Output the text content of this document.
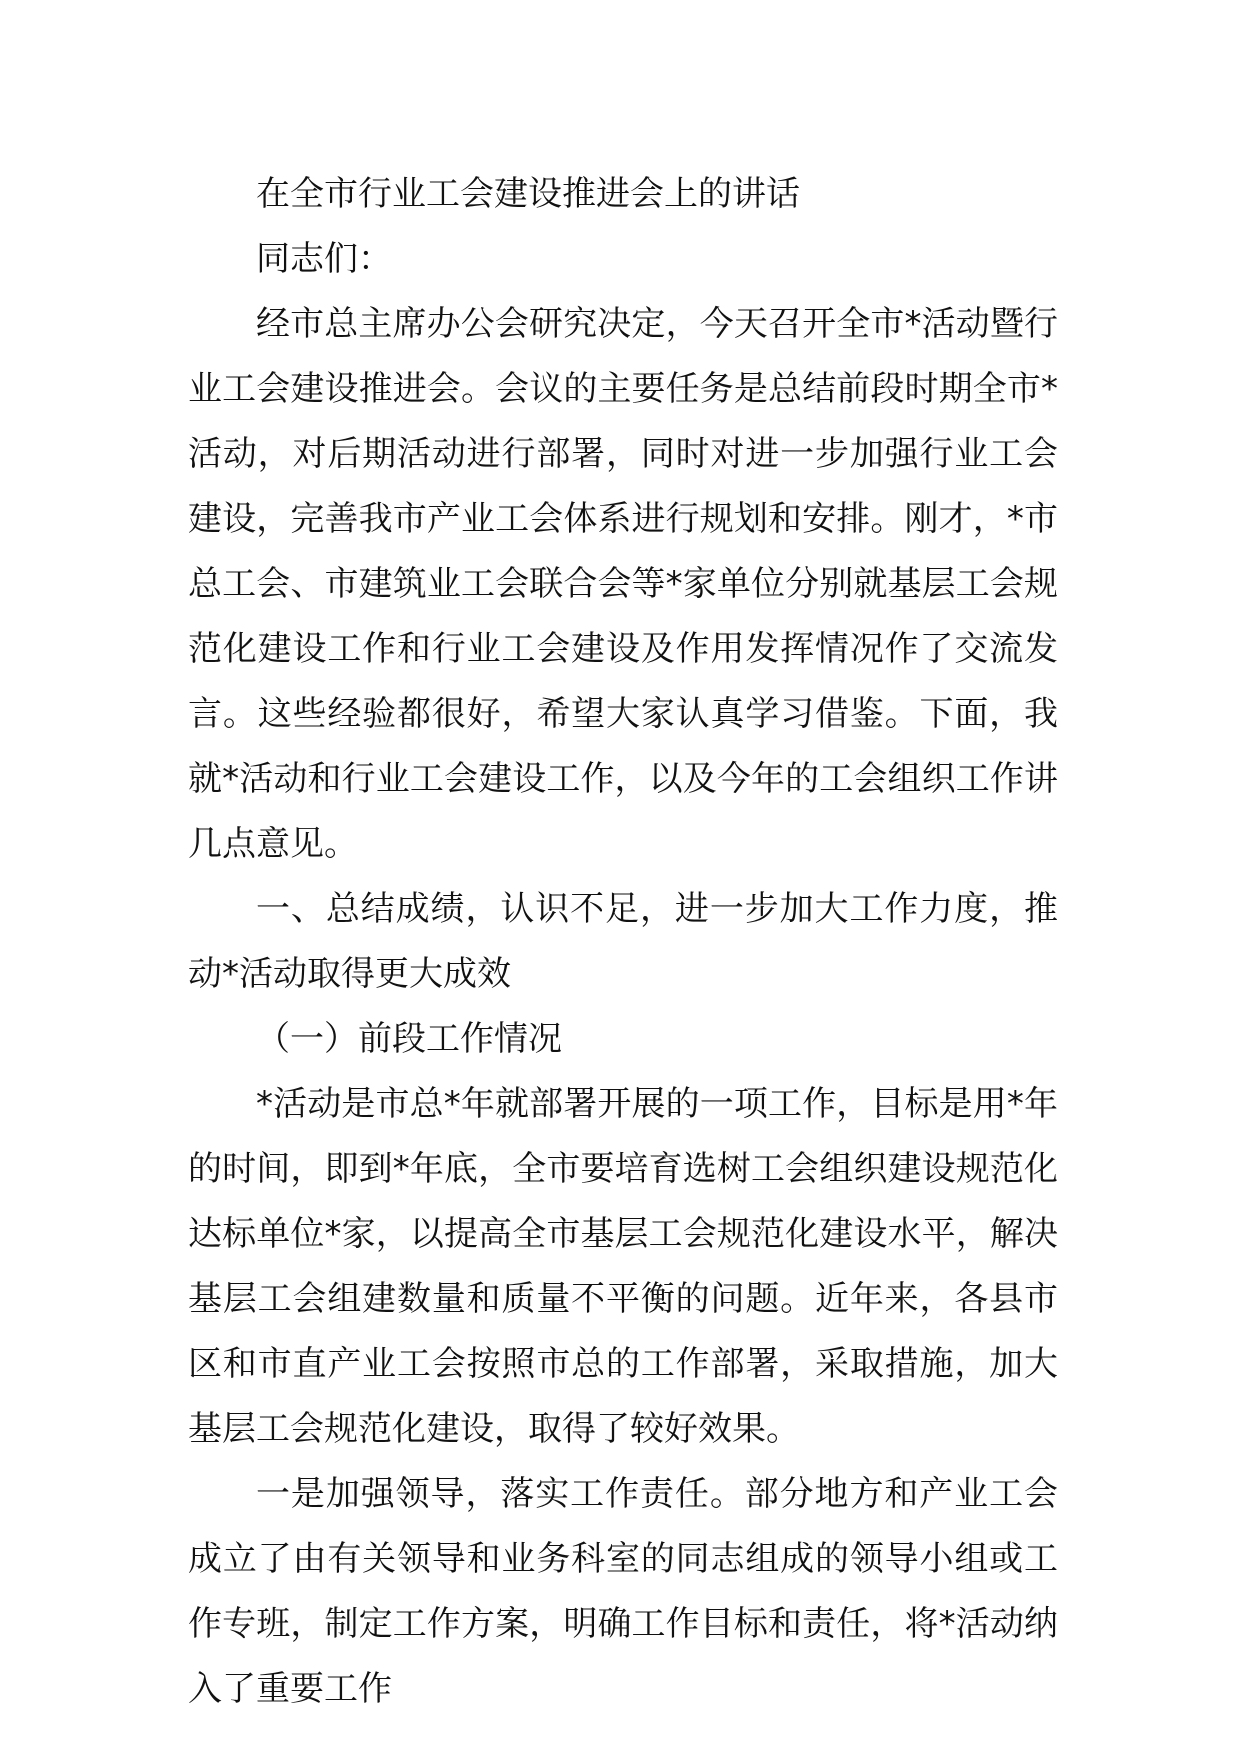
在全市行业工会建设推进会上的讲话

同志们：

经市总主席办公会研究决定，今天召开全市*活动暨行业工会建设推进会。会议的主要任务是总结前段时期全市*活动，对后期活动进行部署，同时对进一步加强行业工会建设，完善我市产业工会体系进行规划和安排。刚才，*市总工会、市建筑业工会联合会等*家单位分别就基层工会规范化建设工作和行业工会建设及作用发挥情况作了交流发言。这些经验都很好，希望大家认真学习借鉴。下面，我就*活动和行业工会建设工作，以及今年的工会组织工作讲几点意见。

一、总结成绩，认识不足，进一步加大工作力度，推动*活动取得更大成效

（一）前段工作情况

*活动是市总*年就部署开展的一项工作，目标是用*年的时间，即到*年底，全市要培育选树工会组织建设规范化达标单位*家，以提高全市基层工会规范化建设水平，解决基层工会组建数量和质量不平衡的问题。近年来，各县市区和市直产业工会按照市总的工作部署，采取措施，加大基层工会规范化建设，取得了较好效果。

一是加强领导，落实工作责任。部分地方和产业工会成立了由有关领导和业务科室的同志组成的领导小组或工作专班，制定工作方案，明确工作目标和责任，将*活动纳入了重要工作
